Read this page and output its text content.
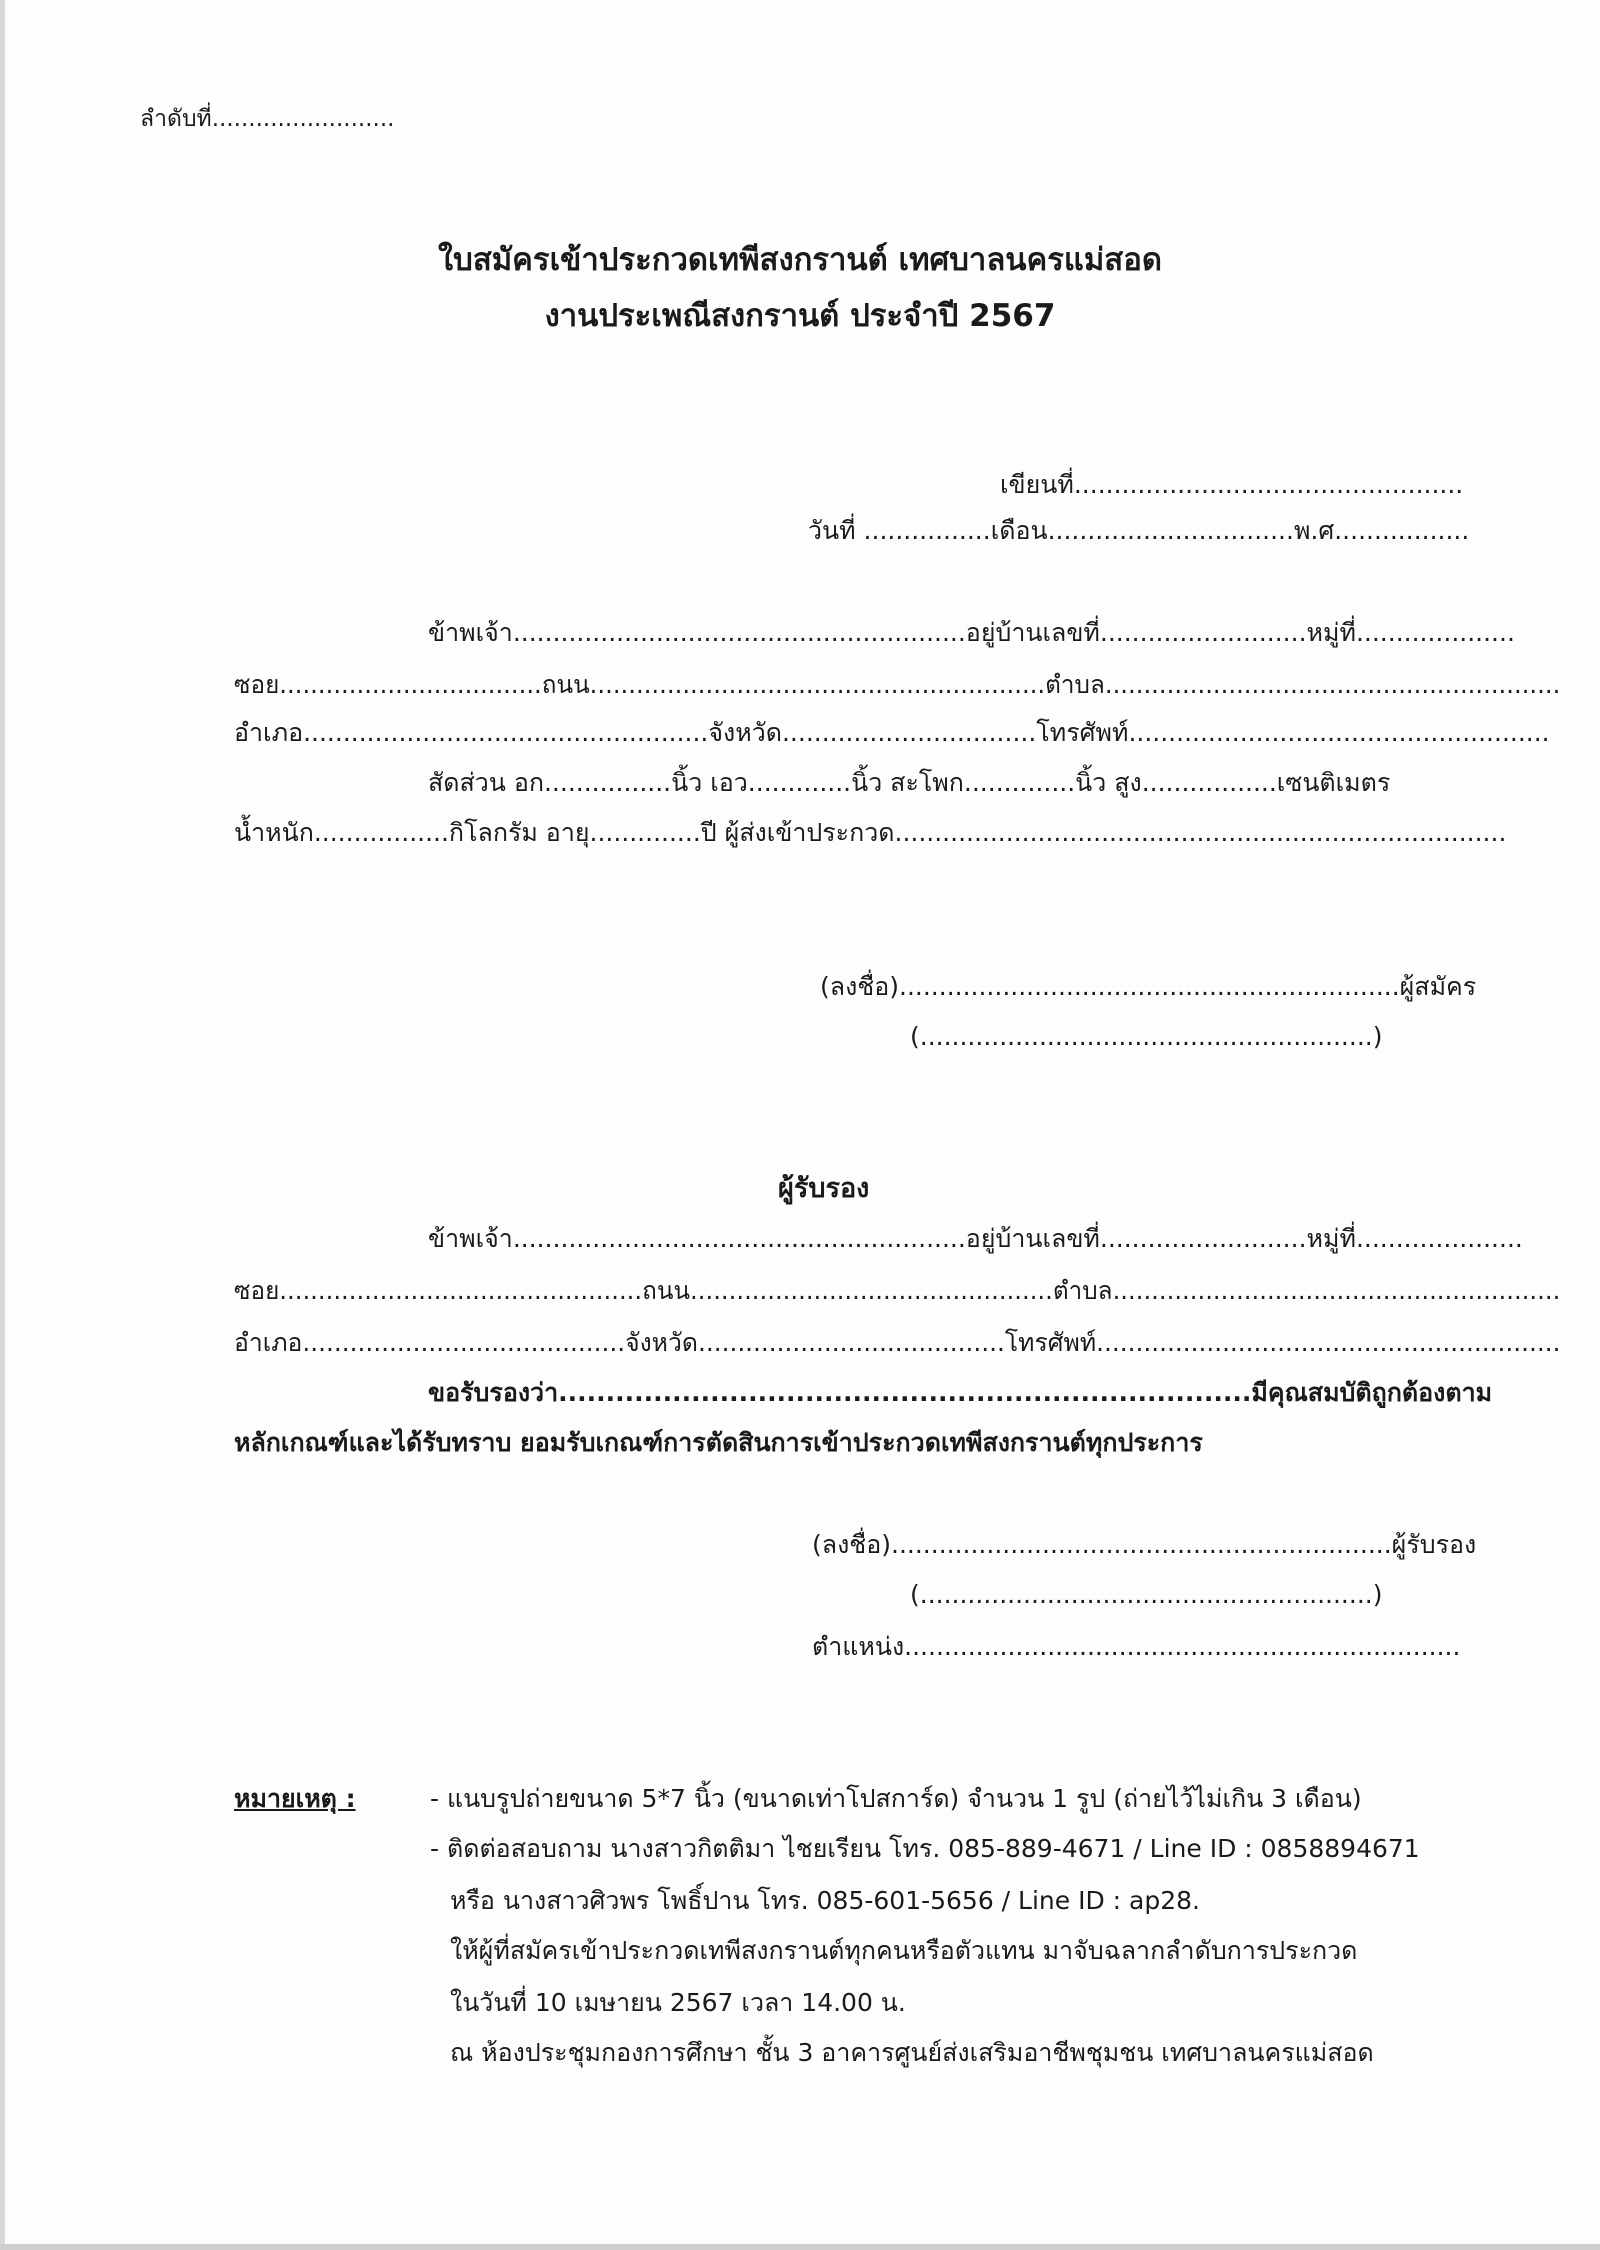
ลำดับที่.........................
ใบสมัครเข้าประกวดเทพีสงกรานต์ เทศบาลนครแม่สอด
งานประเพณีสงกรานต์ ประจำปี 2567
เขียนที่.................................................
วันที่ ................เดือน...............................พ.ศ.................
ข้าพเจ้า.........................................................อยู่บ้านเลขที่..........................หมู่ที่....................
ซอย..................................ถนน...........................................................ตำบล...........................................................
อำเภอ...................................................จังหวัด................................โทรศัพท์.....................................................
สัดส่วน อก................นิ้ว เอว.............นิ้ว สะโพก..............นิ้ว สูง.................เซนติเมตร
น้ำหนัก.................กิโลกรัม อายุ..............ปี ผู้ส่งเข้าประกวด.............................................................................
(ลงชื่อ)...............................................................ผู้สมัคร
(.........................................................)
ผู้รับรอง
ข้าพเจ้า.........................................................อยู่บ้านเลขที่..........................หมู่ที่.....................
ซอย...............................................ถนน...............................................ตำบล..........................................................
อำเภอ.........................................จังหวัด.......................................โทรศัพท์...........................................................
ขอรับรองว่า.........................................................................มีคุณสมบัติถูกต้องตาม
หลักเกณฑ์และได้รับทราบ ยอมรับเกณฑ์การตัดสินการเข้าประกวดเทพีสงกรานต์ทุกประการ
(ลงชื่อ)...............................................................ผู้รับรอง
(.........................................................)
ตำแหน่ง......................................................................
หมายเหตุ :	- แนบรูปถ่ายขนาด 5*7 นิ้ว (ขนาดเท่าโปสการ์ด) จำนวน 1 รูป (ถ่ายไว้ไม่เกิน 3 เดือน)
- ติดต่อสอบถาม นางสาวกิตติมา ไชยเรียน โทร. 085-889-4671 / Line ID : 0858894671
หรือ นางสาวศิวพร โพธิ์ปาน โทร. 085-601-5656 / Line ID : ap28.
ให้ผู้ที่สมัครเข้าประกวดเทพีสงกรานต์ทุกคนหรือตัวแทน มาจับฉลากลำดับการประกวด
ในวันที่ 10 เมษายน 2567 เวลา 14.00 น.
ณ ห้องประชุมกองการศึกษา ชั้น 3 อาคารศูนย์ส่งเสริมอาชีพชุมชน เทศบาลนครแม่สอด
